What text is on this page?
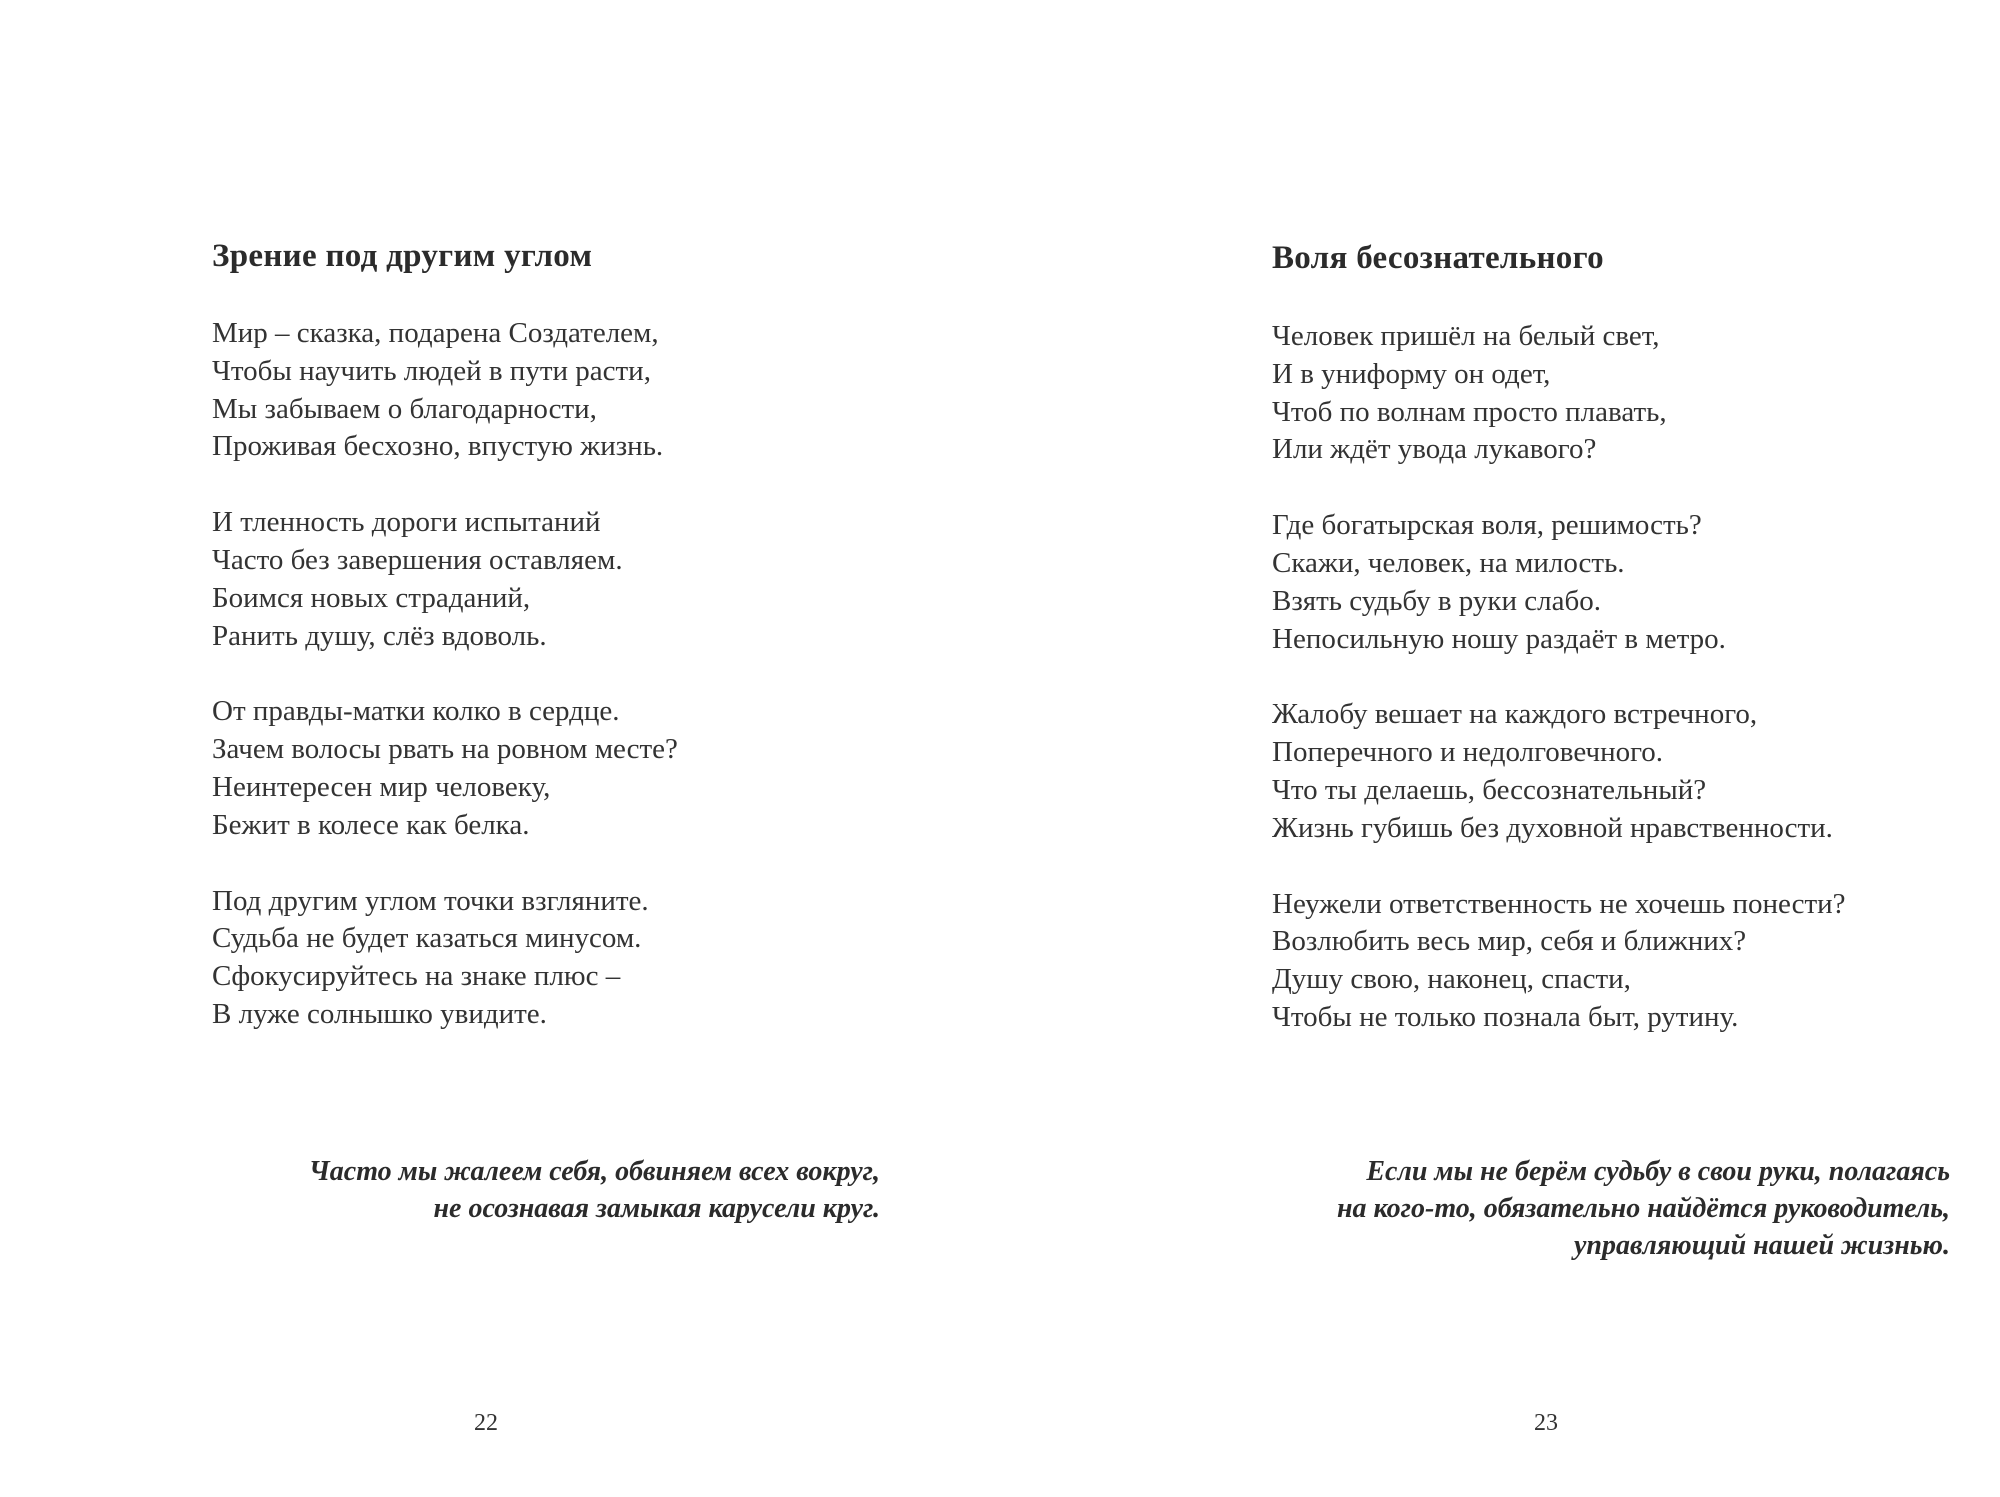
Зрение под другим углом
Мир – сказка, подарена Создателем,
Чтобы научить людей в пути расти,
Мы забываем о благодарности,
Проживая бесхозно, впустую жизнь.
И тленность дороги испытаний
Часто без завершения оставляем.
Боимся новых страданий,
Ранить душу, слёз вдоволь.
От правды-матки колко в сердце.
Зачем волосы рвать на ровном месте?
Неинтересен мир человеку,
Бежит в колесе как белка.
Под другим углом точки взгляните.
Судьба не будет казаться минусом.
Сфокусируйтесь на знаке плюс –
В луже солнышко увидите.
Часто мы жалеем себя, обвиняем всех вокруг,
не осознавая замыкая карусели круг.
22
Воля бесознательного
Человек пришёл на белый свет,
И в униформу он одет,
Чтоб по волнам просто плавать,
Или ждёт увода лукавого?
Где богатырская воля, решимость?
Скажи, человек, на милость.
Взять судьбу в руки слабо.
Непосильную ношу раздаёт в метро.
Жалобу вешает на каждого встречного,
Поперечного и недолговечного.
Что ты делаешь, бессознательный?
Жизнь губишь без духовной нравственности.
Неужели ответственность не хочешь понести?
Возлюбить весь мир, себя и ближних?
Душу свою, наконец, спасти,
Чтобы не только познала быт, рутину.
Если мы не берём судьбу в свои руки, полагаясь
на кого-то, обязательно найдётся руководитель,
управляющий нашей жизнью.
23
